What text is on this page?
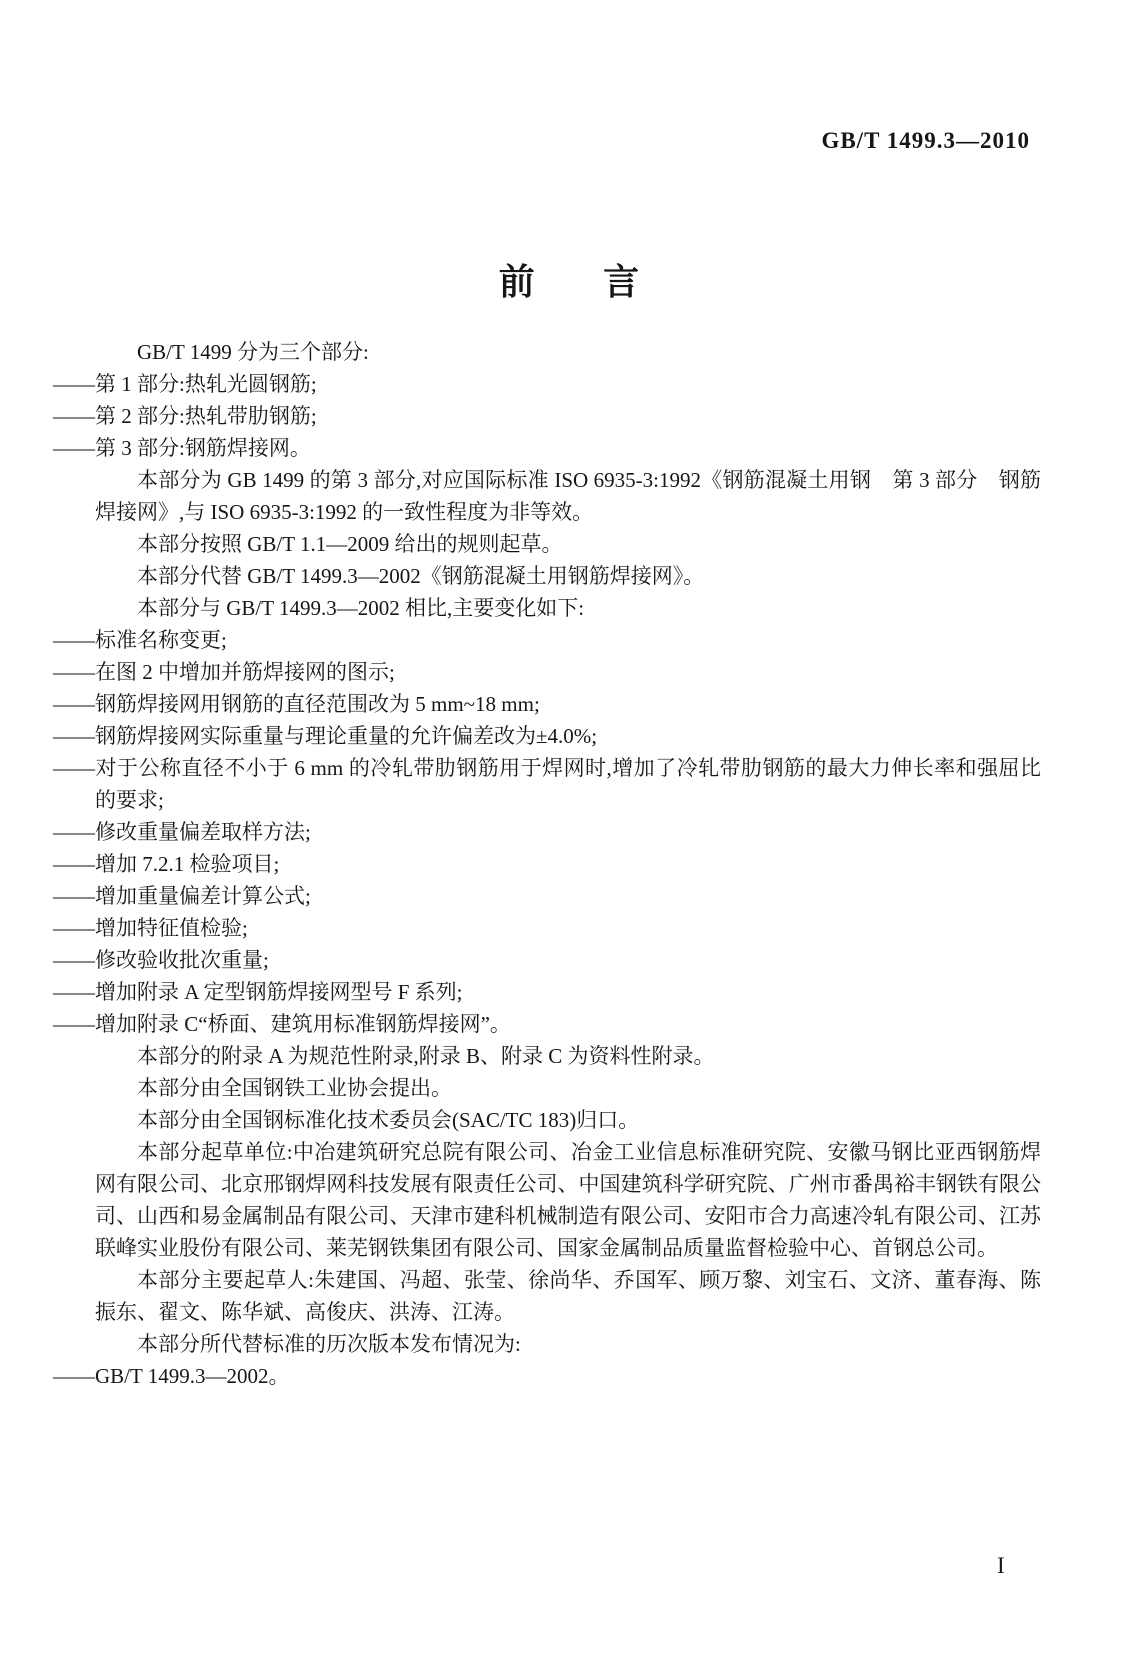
GB/T 1499.3—2010
前言

GB/T 1499 分为三个部分:

——第 1 部分:热轧光圆钢筋;

——第 2 部分:热轧带肋钢筋;

——第 3 部分:钢筋焊接网。

本部分为 GB 1499 的第 3 部分,对应国际标准 ISO 6935-3:1992《钢筋混凝土用钢　第 3 部分　钢筋焊接网》,与 ISO 6935-3:1992 的一致性程度为非等效。

本部分按照 GB/T 1.1—2009 给出的规则起草。

本部分代替 GB/T 1499.3—2002《钢筋混凝土用钢筋焊接网》。

本部分与 GB/T 1499.3—2002 相比,主要变化如下:

——标准名称变更;

——在图 2 中增加并筋焊接网的图示;

——钢筋焊接网用钢筋的直径范围改为 5 mm~18 mm;

——钢筋焊接网实际重量与理论重量的允许偏差改为±4.0%;

——对于公称直径不小于 6 mm 的冷轧带肋钢筋用于焊网时,增加了冷轧带肋钢筋的最大力伸长率和强屈比的要求;

——修改重量偏差取样方法;

——增加 7.2.1 检验项目;

——增加重量偏差计算公式;

——增加特征值检验;

——修改验收批次重量;

——增加附录 A 定型钢筋焊接网型号 F 系列;

——增加附录 C“桥面、建筑用标准钢筋焊接网”。

本部分的附录 A 为规范性附录,附录 B、附录 C 为资料性附录。

本部分由全国钢铁工业协会提出。

本部分由全国钢标准化技术委员会(SAC/TC 183)归口。

本部分起草单位:中冶建筑研究总院有限公司、冶金工业信息标准研究院、安徽马钢比亚西钢筋焊网有限公司、北京邢钢焊网科技发展有限责任公司、中国建筑科学研究院、广州市番禺裕丰钢铁有限公司、山西和易金属制品有限公司、天津市建科机械制造有限公司、安阳市合力高速冷轧有限公司、江苏联峰实业股份有限公司、莱芜钢铁集团有限公司、国家金属制品质量监督检验中心、首钢总公司。

本部分主要起草人:朱建国、冯超、张莹、徐尚华、乔国军、顾万黎、刘宝石、文济、董春海、陈振东、翟文、陈华斌、高俊庆、洪涛、江涛。

本部分所代替标准的历次版本发布情况为:

——GB/T 1499.3—2002。

I
